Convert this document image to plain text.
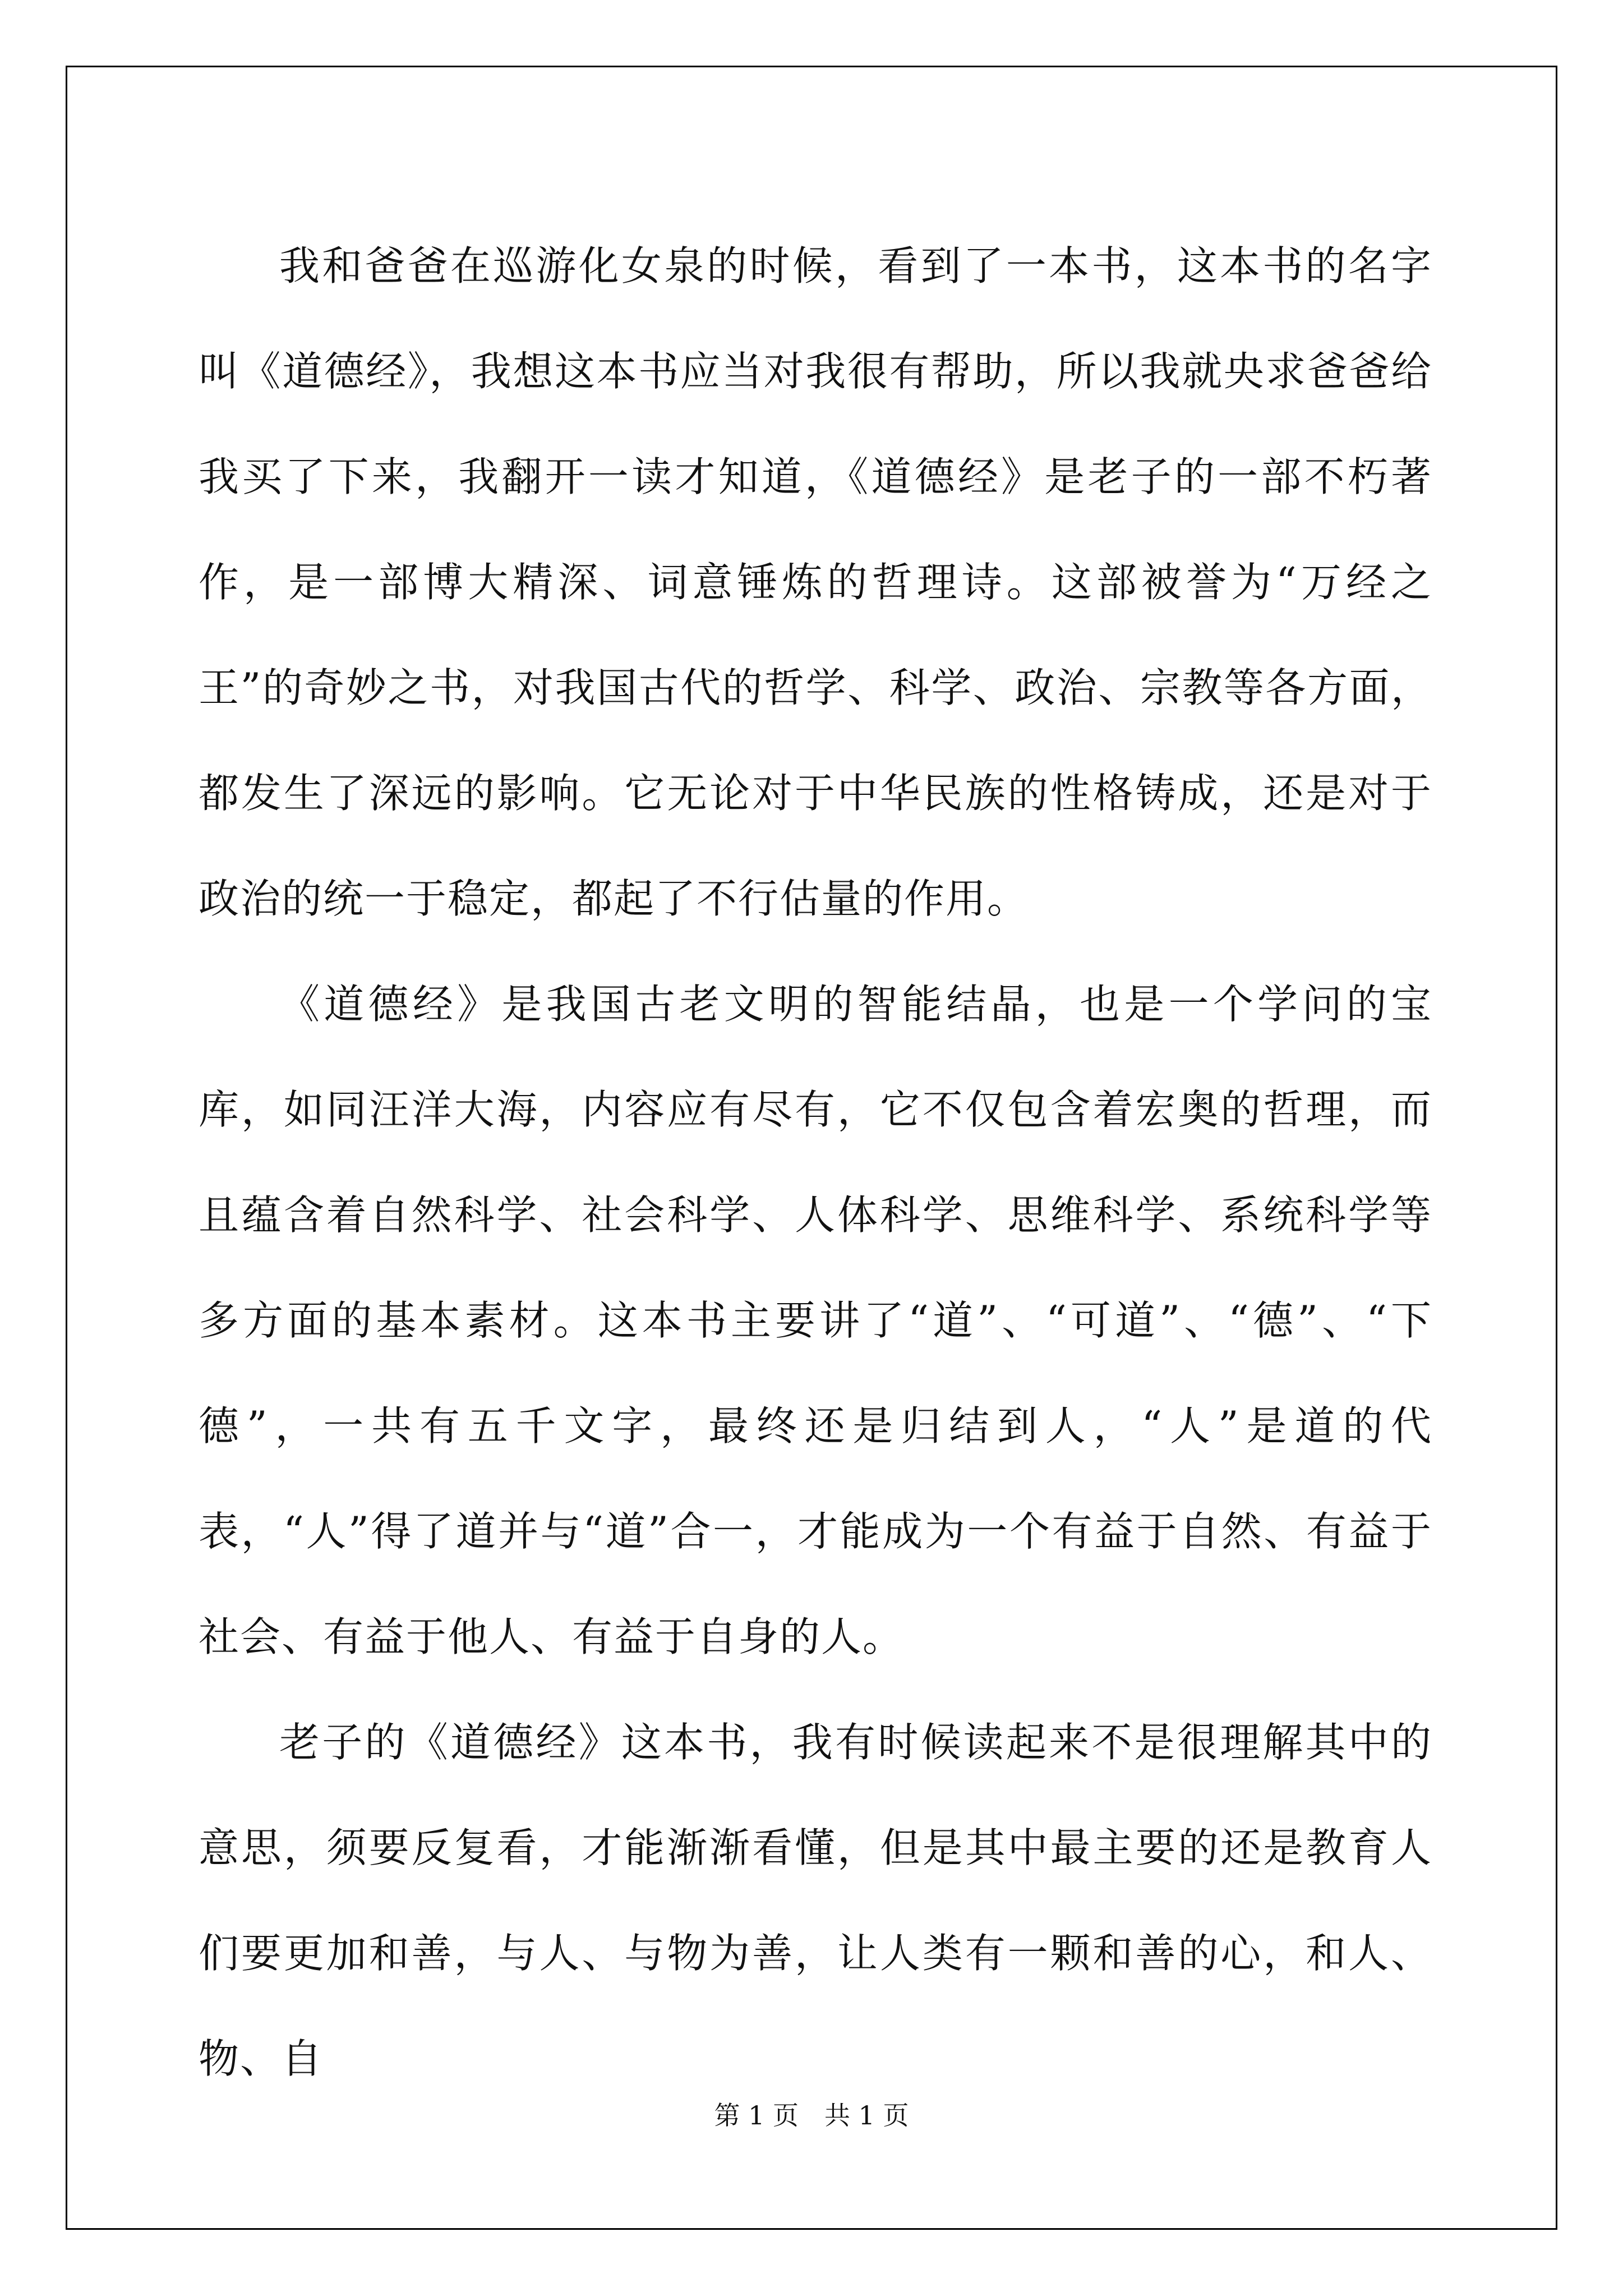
我和爸爸在巡游化女泉的时候，看到了一本书，这本书的名字叫《道德经》，我想这本书应当对我很有帮助，所以我就央求爸爸给我买了下来，我翻开一读才知道，《道德经》是老子的一部不朽著作，是一部博大精深、词意锤炼的哲理诗。这部被誉为“万经之王”的奇妙之书，对我国古代的哲学、科学、政治、宗教等各方面，都发生了深远的影响。它无论对于中华民族的性格铸成，还是对于政治的统一于稳定，都起了不行估量的作用。

《道德经》是我国古老文明的智能结晶，也是一个学问的宝库，如同汪洋大海，内容应有尽有，它不仅包含着宏奥的哲理，而且蕴含着自然科学、社会科学、人体科学、思维科学、系统科学等多方面的基本素材。这本书主要讲了“道”、“可道”、“德”、“下德”，一共有五千文字，最终还是归结到人，“人”是道的代表，“人”得了道并与“道”合一，才能成为一个有益于自然、有益于社会、有益于他人、有益于自身的人。

老子的《道德经》这本书，我有时候读起来不是很理解其中的意思，须要反复看，才能渐渐看懂，但是其中最主要的还是教育人们要更加和善，与人、与物为善，让人类有一颗和善的心，和人、物、自

第 1 页　共 1 页
